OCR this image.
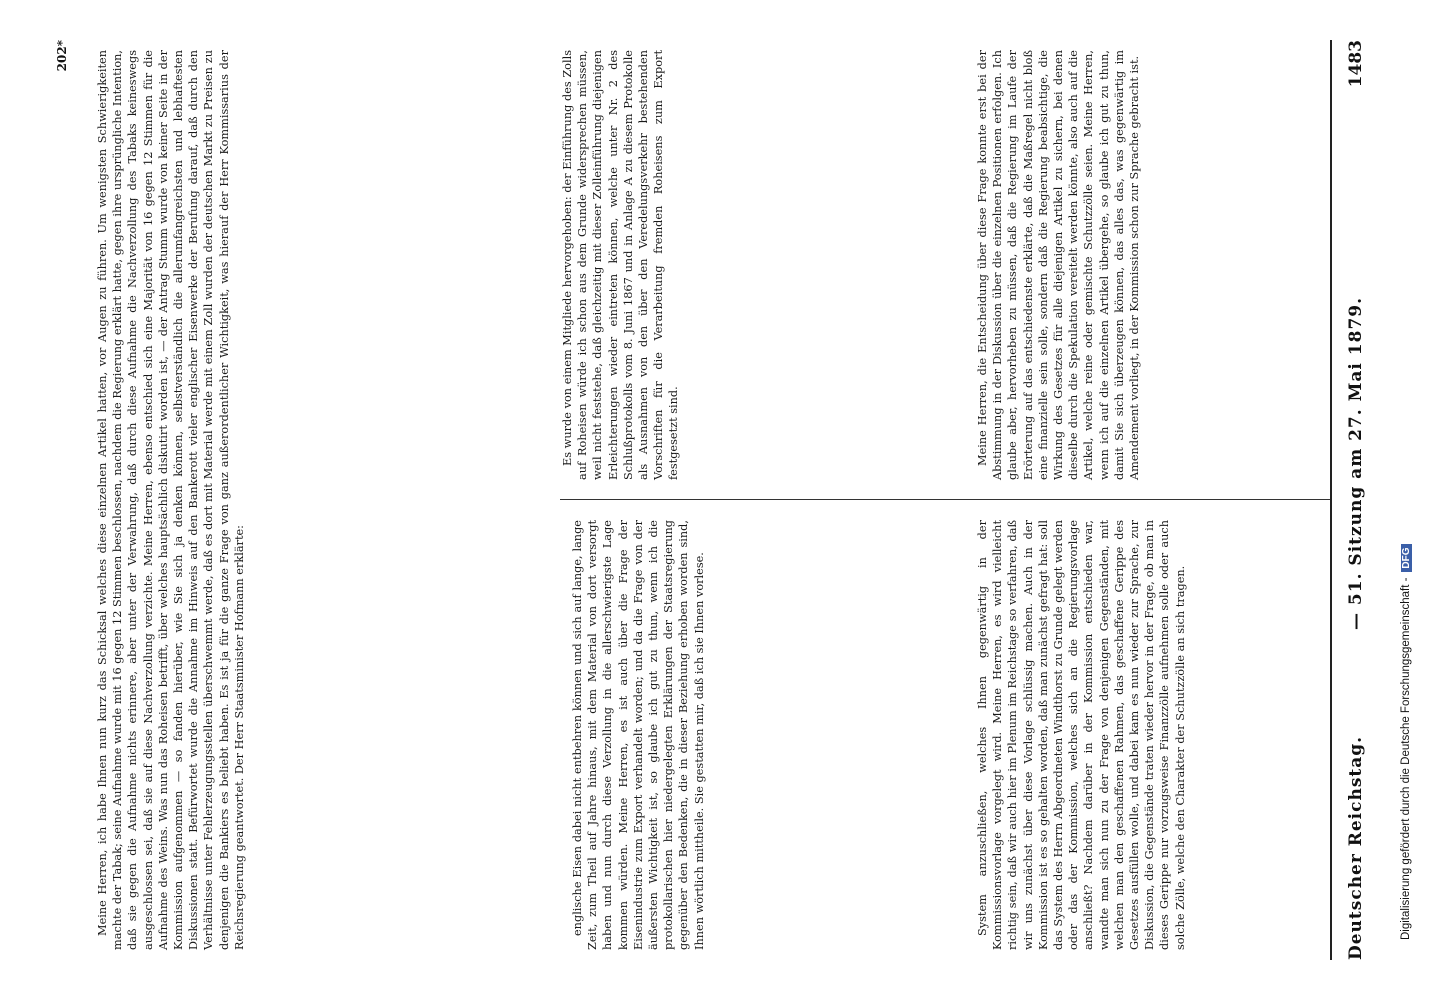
Deutscher Reichstag.
— 51. Sitzung am 27. Mai 1879.
1483

System anzuschließen, welches Ihnen gegenwärtig in der Kommissionsvorlage vorgelegt wird. Meine Herren, es wird vielleicht richtig sein, daß wir auch hier im Plenum im Reichstage so verfahren, daß wir uns zunächst über diese Vorlage schlüssig machen. Auch in der Kommission ist es so gehalten worden, daß man zunächst gefragt hat: soll das System des Herrn Abgeordneten Windthorst zu Grunde gelegt werden oder das der Kommission, welches sich an die Regierungsvorlage anschließt? Nachdem darüber in der Kommission entschieden war, wandte man sich nun zu der Frage von denjenigen Gegenständen, mit welchen man den geschaffenen Rahmen, das geschaffene Gerippe des Gesetzes ausfüllen wolle, und dabei kam es nun wieder zur Sprache, zur Diskussion, die Gegenstände traten wieder hervor in der Frage, ob man in dieses Gerippe nur vorzugsweise Finanzzölle aufnehmen solle oder auch solche Zölle, welche den Charakter der Schutzzölle an sich tragen.

Meine Herren, die Entscheidung über diese Frage konnte erst bei der Abstimmung in der Diskussion über die einzelnen Positionen erfolgen. Ich glaube aber, hervorheben zu müssen, daß die Regierung im Laufe der Erörterung auf das entschiedenste erklärte, daß die Maßregel nicht bloß eine finanzielle sein solle, sondern daß die Regierung beabsichtige, die Wirkung des Gesetzes für alle diejenigen Artikel zu sichern, bei denen dieselbe durch die Spekulation vereitelt werden könnte, also auch auf die Artikel, welche reine oder gemischte Schutzzölle seien. Meine Herren, wenn ich auf die einzelnen Artikel übergehe, so glaube ich gut zu thun, damit Sie sich überzeugen können, das alles das, was gegenwärtig im Amendement vorliegt, in der Kommission schon zur Sprache gebracht ist.

englische Eisen dabei nicht entbehren können und sich auf lange, lange Zeit, zum Theil auf Jahre hinaus, mit dem Material von dort versorgt haben und nun durch diese Verzollung in die allerschwierigste Lage kommen würden. Meine Herren, es ist auch über die Frage der Eisenindustrie zum Export verhandelt worden; und da die Frage von der äußersten Wichtigkeit ist, so glaube ich gut zu thun, wenn ich die protokollarischen hier niedergelegten Erklärungen der Staatsregierung gegenüber den Bedenken, die in dieser Beziehung erhoben worden sind, Ihnen wörtlich mittheile. Sie gestatten mir, daß ich sie Ihnen vorlese.

Es wurde von einem Mitgliede hervorgehoben: der Einführung des Zolls auf Roheisen würde ich schon aus dem Grunde widersprechen müssen, weil nicht feststehe, daß gleichzeitig mit dieser Zolleinführung diejenigen Erleichterungen wieder eintreten können, welche unter Nr. 2 des Schlußprotokolls vom 8. Juni 1867 und in Anlage A zu diesem Protokolle als Ausnahmen von den über den Veredelungsverkehr bestehenden Vorschriften für die Verarbeitung fremden Roheisens zum Export festgesetzt sind.

Meine Herren, ich habe Ihnen nun kurz das Schicksal welches diese einzelnen Artikel hatten, vor Augen zu führen. Um wenigsten Schwierigkeiten machte der Tabak; seine Aufnahme wurde mit 16 gegen 12 Stimmen beschlossen, nachdem die Regierung erklärt hatte, gegen ihre ursprüngliche Intention, daß sie gegen die Aufnahme nichts erinnere, aber unter der Verwahrung, daß durch diese Aufnahme die Nachverzollung des Tabaks keineswegs ausgeschlossen sei, daß sie auf diese Nachverzollung verzichte. Meine Herren, ebenso entschied sich eine Majorität von 16 gegen 12 Stimmen für die Aufnahme des Weins. Was nun das Roheisen betrifft, über welches hauptsächlich diskutirt worden ist, — der Antrag Stumm wurde von keiner Seite in der Kommission aufgenommen — so fanden hierüber, wie Sie sich ja denken können, selbstverständlich die allerumfangreichsten und lebhaftesten Diskussionen statt. Befürwortet wurde die Annahme im Hinweis auf den Bankerott vieler englischer Eisenwerke der Berufung darauf, daß durch den Verhältnisse unter Fehlerzeugungsstellen überschwemmt werde, daß es dort mit Material werde mit einem Zoll wurden der deutschen Markt zu Preisen zu denjenigen die Bankiers es beliebt haben. Es ist ja für die ganze Frage von ganz außerordentlicher Wichtigkeit, was hierauf der Herr Kommissarius der Reichsregierung geantwortet. Der Herr Staatsminister Hofmann erklärte:

202*
Digitalisierung gefördert durch die Deutsche Forschungsgemeinschaft -DFG
